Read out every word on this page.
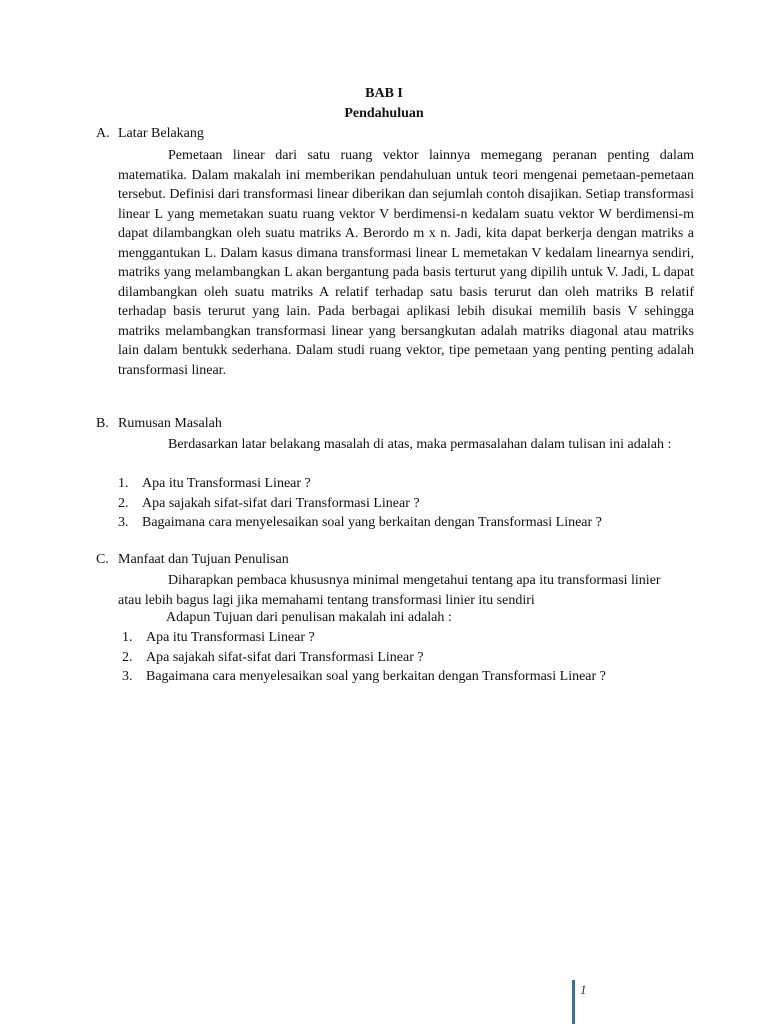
BAB I
Pendahuluan
A. Latar Belakang

Pemetaan linear dari satu ruang vektor lainnya memegang peranan penting dalam matematika. Dalam makalah ini memberikan pendahuluan untuk teori mengenai pemetaan-pemetaan tersebut. Definisi dari transformasi linear diberikan dan sejumlah contoh disajikan. Setiap transformasi linear L yang memetakan suatu ruang vektor V berdimensi-n kedalam suatu vektor W berdimensi-m dapat dilambangkan oleh suatu matriks A. Berordo m x n. Jadi, kita dapat berkerja dengan matriks a menggantukan L. Dalam kasus dimana transformasi linear L memetakan V kedalam linearnya sendiri, matriks yang melambangkan L akan bergantung pada basis terturut yang dipilih untuk V. Jadi, L dapat dilambangkan oleh suatu matriks A relatif terhadap satu basis terurut dan oleh matriks B relatif terhadap basis terurut yang lain. Pada berbagai aplikasi lebih disukai memilih basis V sehingga matriks melambangkan transformasi linear yang bersangkutan adalah matriks diagonal atau matriks lain dalam bentukk sederhana. Dalam studi ruang vektor, tipe pemetaan yang penting penting adalah transformasi linear.

B. Rumusan Masalah

Berdasarkan latar belakang masalah di atas, maka permasalahan dalam tulisan ini adalah :

1. Apa itu Transformasi Linear ?
2. Apa sajakah sifat-sifat dari Transformasi Linear ?
3. Bagaimana cara menyelesaikan soal yang berkaitan dengan Transformasi Linear ?
C. Manfaat dan Tujuan Penulisan

Diharapkan pembaca khususnya minimal mengetahui tentang apa itu transformasi linier atau lebih bagus lagi jika memahami tentang transformasi linier itu sendiri

Adapun Tujuan dari penulisan makalah ini adalah :
1. Apa itu Transformasi Linear ?
2. Apa sajakah sifat-sifat dari Transformasi Linear ?
3. Bagaimana cara menyelesaikan soal yang berkaitan dengan Transformasi Linear ?
1
